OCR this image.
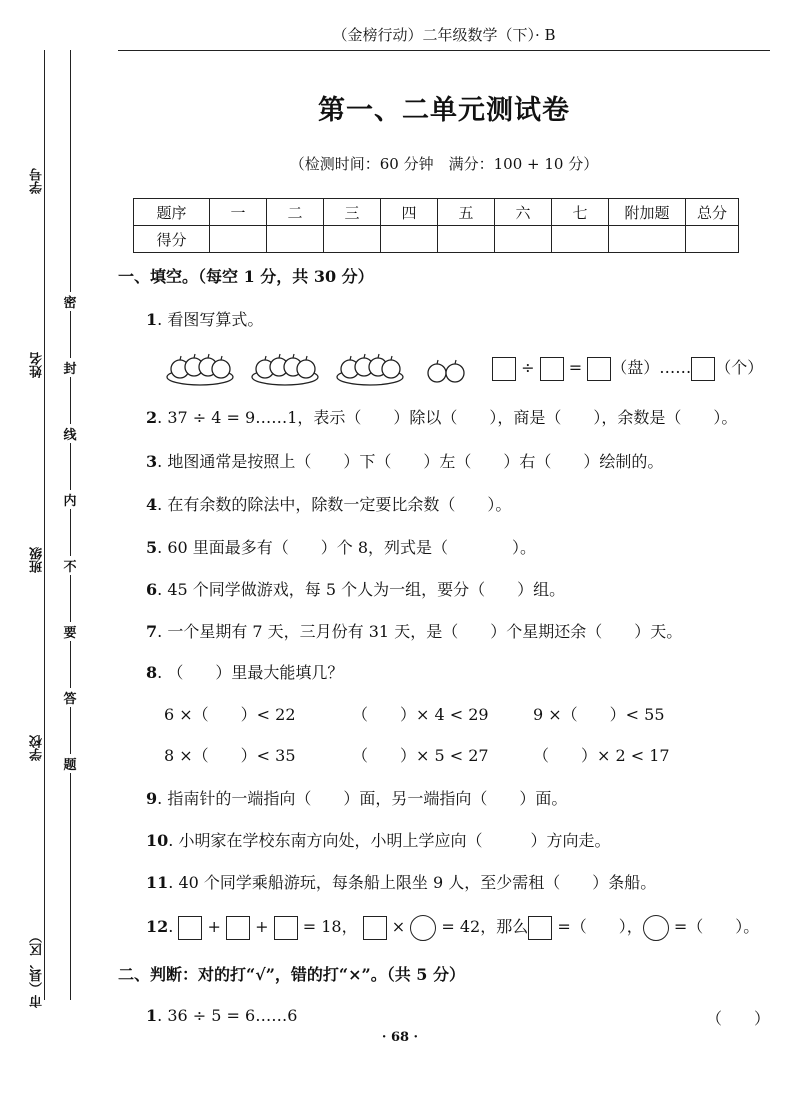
学号
姓名
班级
学校
市（县、区）
密
封
线
内
不
要
答
题
（金榜行动）二年级数学（下）· B
第一、二单元测试卷
（检测时间：60 分钟　满分：100 + 10 分）
题序	一	二	三	四	五	六	七	附加题	总分
得分									
一、填空。（每空 1 分，共 30 分）
1. 看图写算式。
÷ = （盘）…… （个）
2. 37 ÷ 4 = 9……1，表示（　　）除以（　　），商是（　　），余数是（　　）。
3. 地图通常是按照上（　　）下（　　）左（　　）右（　　）绘制的。
4. 在有余数的除法中，除数一定要比余数（　　）。
5. 60 里面最多有（　　）个 8，列式是（　　　　）。
6. 45 个同学做游戏，每 5 个人为一组，要分（　　）组。
7. 一个星期有 7 天，三月份有 31 天，是（　　）个星期还余（　　）天。
8. （　　）里最大能填几？
6 ×（　　）< 22	（　　）× 4 < 29	9 ×（　　）< 55
8 ×（　　）< 35	（　　）× 5 < 27	（　　）× 2 < 17
9. 指南针的一端指向（　　）面，另一端指向（　　）面。
10. 小明家在学校东南方向处，小明上学应向（　　　）方向走。
11. 40 个同学乘船游玩，每条船上限坐 9 人，至少需租（　　）条船。
12. + + = 18， × = 42，那么 =（　　）， =（　　）。
二、判断：对的打“√”，错的打“×”。（共 5 分）
1. 36 ÷ 5 = 6……6	（　　）
· 68 ·
